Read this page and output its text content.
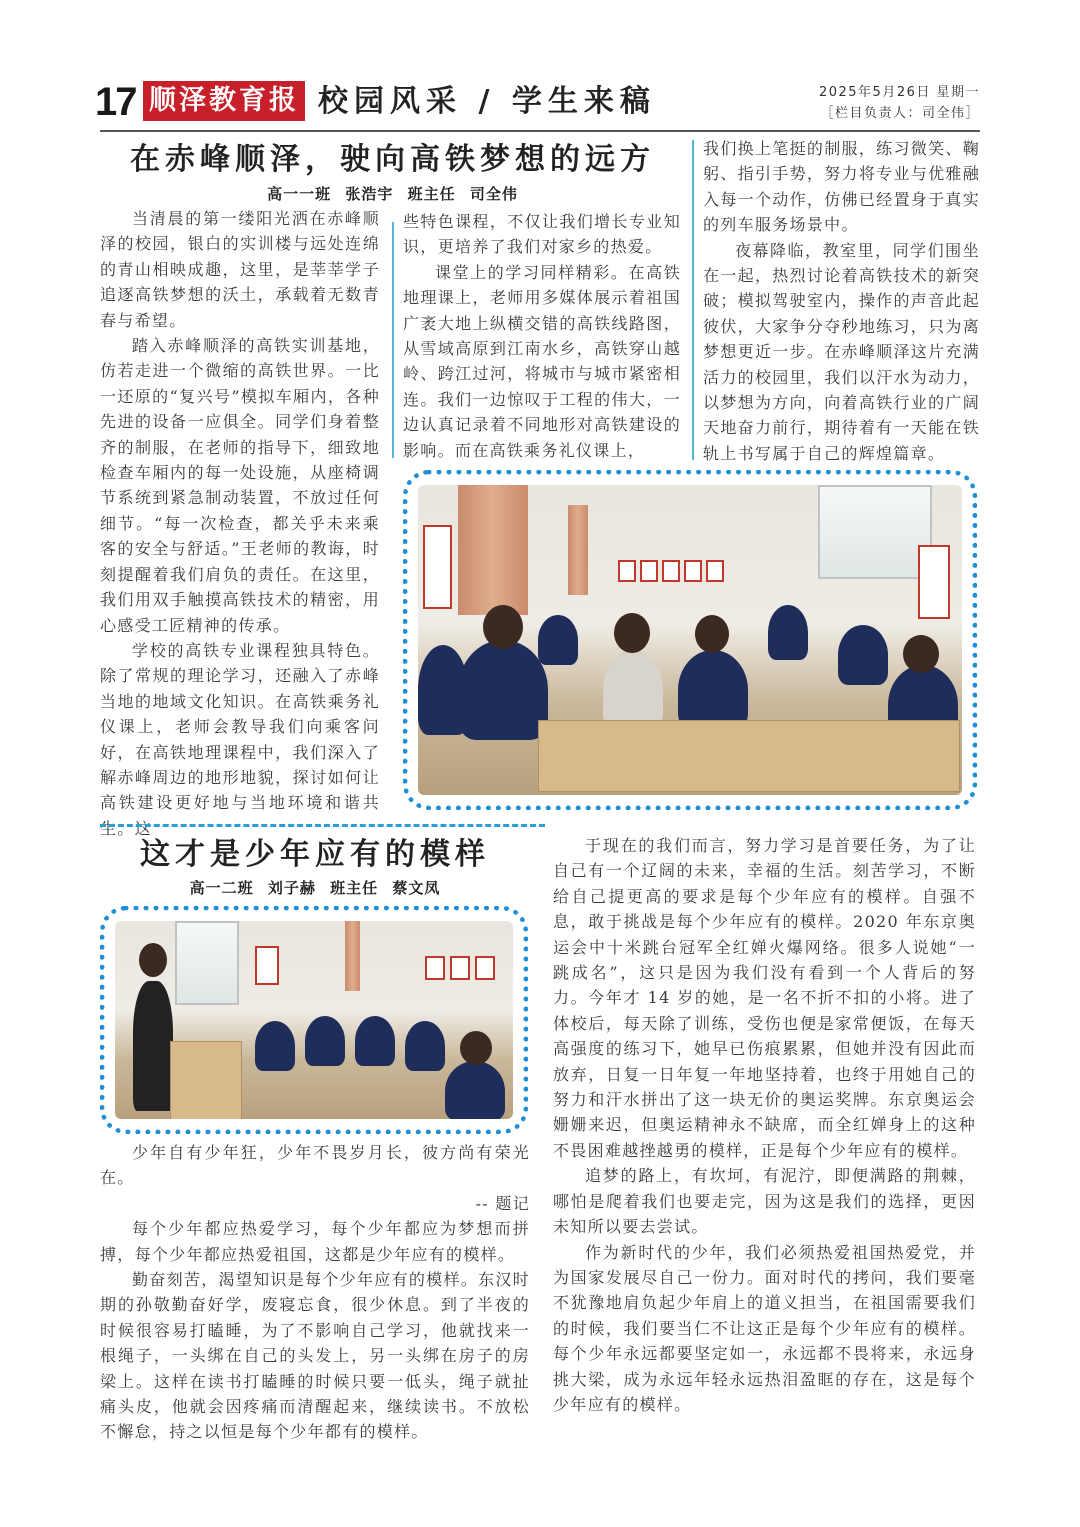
17 顺泽教育报 校园风采 / 学生来稿	2025年5月26日 星期一
［栏目负责人：司全伟］
在赤峰顺泽，驶向高铁梦想的远方
高一一班 张浩宇 班主任 司全伟

当清晨的第一缕阳光洒在赤峰顺泽的校园，银白的实训楼与远处连绵的青山相映成趣，这里，是莘莘学子追逐高铁梦想的沃土，承载着无数青春与希望。

踏入赤峰顺泽的高铁实训基地，仿若走进一个微缩的高铁世界。一比一还原的“复兴号”模拟车厢内，各种先进的设备一应俱全。同学们身着整齐的制服，在老师的指导下，细致地检查车厢内的每一处设施，从座椅调节系统到紧急制动装置，不放过任何细节。“每一次检查，都关乎未来乘客的安全与舒适。”王老师的教诲，时刻提醒着我们肩负的责任。在这里，我们用双手触摸高铁技术的精密，用心感受工匠精神的传承。

学校的高铁专业课程独具特色。除了常规的理论学习，还融入了赤峰当地的地域文化知识。在高铁乘务礼仪课上，老师会教导我们向乘客问好，在高铁地理课程中，我们深入了解赤峰周边的地形地貌，探讨如何让高铁建设更好地与当地环境和谐共生。这

些特色课程，不仅让我们增长专业知识，更培养了我们对家乡的热爱。

课堂上的学习同样精彩。在高铁地理课上，老师用多媒体展示着祖国广袤大地上纵横交错的高铁线路图，从雪域高原到江南水乡，高铁穿山越岭、跨江过河，将城市与城市紧密相连。我们一边惊叹于工程的伟大，一边认真记录着不同地形对高铁建设的影响。而在高铁乘务礼仪课上，

我们换上笔挺的制服，练习微笑、鞠躬、指引手势，努力将专业与优雅融入每一个动作，仿佛已经置身于真实的列车服务场景中。

夜幕降临，教室里，同学们围坐在一起，热烈讨论着高铁技术的新突破；模拟驾驶室内，操作的声音此起彼伏，大家争分夺秒地练习，只为离梦想更近一步。在赤峰顺泽这片充满活力的校园里，我们以汗水为动力，以梦想为方向，向着高铁行业的广阔天地奋力前行，期待着有一天能在铁轨上书写属于自己的辉煌篇章。

这才是少年应有的模样
高一二班 刘子赫 班主任 蔡文凤

少年自有少年狂，少年不畏岁月长，彼方尚有荣光在。

-- 题记

每个少年都应热爱学习，每个少年都应为梦想而拼搏，每个少年都应热爱祖国，这都是少年应有的模样。

勤奋刻苦，渴望知识是每个少年应有的模样。东汉时期的孙敬勤奋好学，废寝忘食，很少休息。到了半夜的时候很容易打瞌睡，为了不影响自己学习，他就找来一根绳子，一头绑在自己的头发上，另一头绑在房子的房梁上。这样在读书打瞌睡的时候只要一低头，绳子就扯痛头皮，他就会因疼痛而清醒起来，继续读书。不放松不懈怠，持之以恒是每个少年都有的模样。

于现在的我们而言，努力学习是首要任务，为了让自己有一个辽阔的未来，幸福的生活。刻苦学习，不断给自己提更高的要求是每个少年应有的模样。自强不息，敢于挑战是每个少年应有的模样。2020 年东京奥运会中十米跳台冠军全红婵火爆网络。很多人说她“一跳成名”，这只是因为我们没有看到一个人背后的努力。今年才 14 岁的她，是一名不折不扣的小将。进了体校后，每天除了训练，受伤也便是家常便饭，在每天高强度的练习下，她早已伤痕累累，但她并没有因此而放弃，日复一日年复一年地坚持着，也终于用她自己的努力和汗水拼出了这一块无价的奥运奖牌。东京奥运会姗姗来迟，但奥运精神永不缺席，而全红婵身上的这种不畏困难越挫越勇的模样，正是每个少年应有的模样。

追梦的路上，有坎坷，有泥泞，即便满路的荆棘，哪怕是爬着我们也要走完，因为这是我们的选择，更因未知所以要去尝试。

作为新时代的少年，我们必须热爱祖国热爱党，并为国家发展尽自己一份力。面对时代的拷问，我们要毫不犹豫地肩负起少年肩上的道义担当，在祖国需要我们的时候，我们要当仁不让这正是每个少年应有的模样。每个少年永远都要坚定如一，永远都不畏将来，永远身挑大梁，成为永远年轻永远热泪盈眶的存在，这是每个少年应有的模样。
